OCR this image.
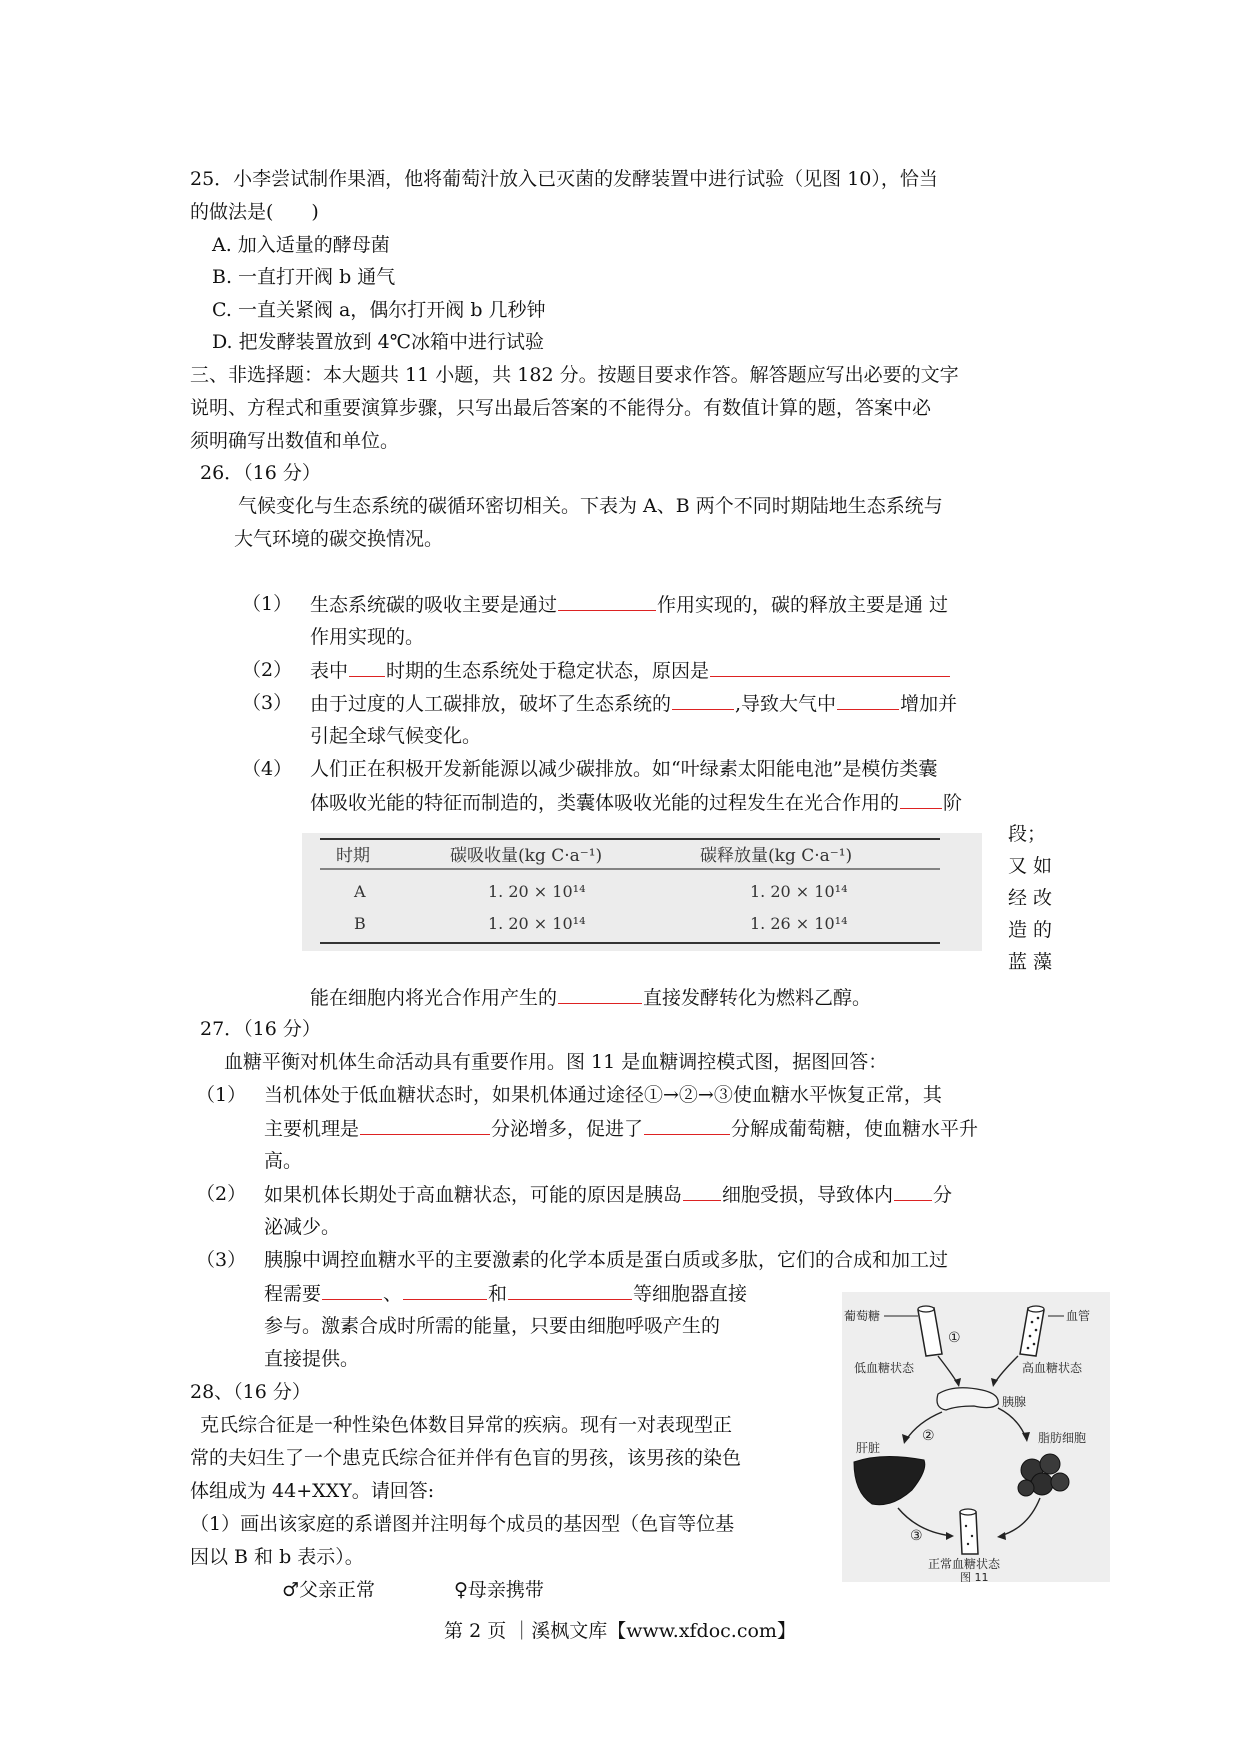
25．小李尝试制作果酒，他将葡萄汁放入已灭菌的发酵装置中进行试验（见图 10），恰当
的做法是(　　)
A. 加入适量的酵母菌
B. 一直打开阀 b 通气
C. 一直关紧阀 a，偶尔打开阀 b 几秒钟
D. 把发酵装置放到 4℃冰箱中进行试验
三、非选择题：本大题共 11 小题，共 182 分。按题目要求作答。解答题应写出必要的文字
说明、方程式和重要演算步骤，只写出最后答案的不能得分。有数值计算的题，答案中必
须明确写出数值和单位。
26．（16 分）
气候变化与生态系统的碳循环密切相关。下表为 A、B 两个不同时期陆地生态系统与
大气环境的碳交换情况。
（1） 生态系统碳的吸收主要是通过	作用实现的，碳的释放主要是通 过
作用实现的。
（2） 表中 时期的生态系统处于稳定状态，原因是
（3） 由于过度的人工碳排放，破坏了生态系统的	,导致大气中	增加并
引起全球气候变化。
（4） 人们正在积极开发新能源以减少碳排放。如“叶绿素太阳能电池”是模仿类囊
体吸收光能的特征而制造的，类囊体吸收光能的过程发生在光合作用的 阶
段；
又 如
经 改
造 的
蓝 藻
时期	碳吸收量(kg C·a⁻¹)	碳释放量(kg C·a⁻¹)
A	1. 20 × 10¹⁴	1. 20 × 10¹⁴
B	1. 20 × 10¹⁴	1. 26 × 10¹⁴
能在细胞内将光合作用产生的	直接发酵转化为燃料乙醇。
27．（16 分）
血糖平衡对机体生命活动具有重要作用。图 11 是血糖调控模式图，据图回答：
（1） 当机体处于低血糖状态时，如果机体通过途径①→②→③使血糖水平恢复正常，其
主要机理是	分泌增多，促进了	分解成葡萄糖，使血糖水平升
高。
（2） 如果机体长期处于高血糖状态，可能的原因是胰岛 细胞受损，导致体内 分
泌减少。
（3） 胰腺中调控血糖水平的主要激素的化学本质是蛋白质或多肽，它们的合成和加工过
程需要	、	和	等细胞器直接
参与。激素合成时所需的能量，只要由细胞呼吸产生的
直接提供。
28、（16 分）
克氏综合征是一种性染色体数目异常的疾病。现有一对表现型正
常的夫妇生了一个患克氏综合征并伴有色盲的男孩，该男孩的染色
体组成为 44+XXY。请回答:
（1）画出该家庭的系谱图并注明每个成员的基因型（色盲等位基
因以 B 和 b 表示）。
♂父亲正常	♀母亲携带
葡萄糖	血管
低血糖状态	高血糖状态
①
胰腺
②
肝脏
脂肪细胞
③
正常血糖状态
图 11
第 2 页 ｜溪枫文库【www.xfdoc.com】
